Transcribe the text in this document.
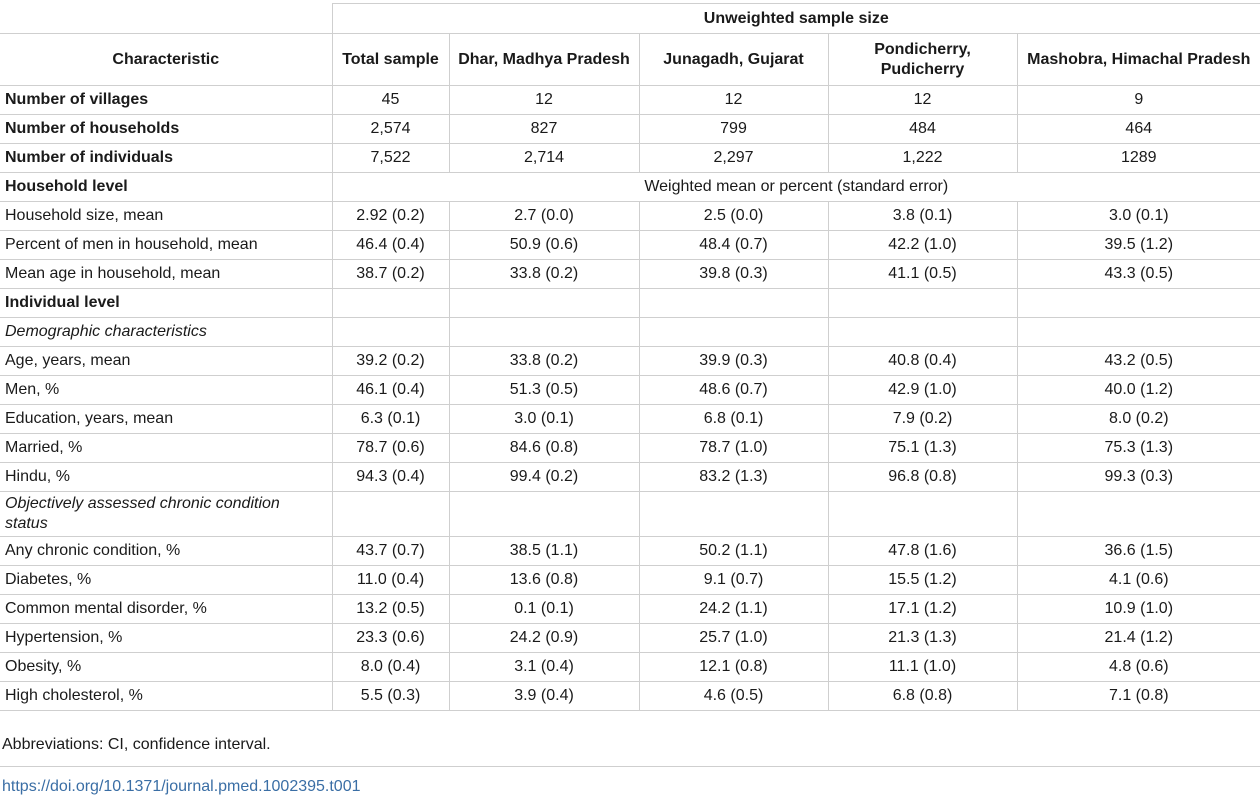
	Unweighted sample size				
Characteristic	Total sample	Dhar, Madhya Pradesh	Junagadh, Gujarat	Pondicherry, Pudicherry	Mashobra, Himachal Pradesh
Number of villages	45	12	12	12	9
Number of households	2,574	827	799	484	464
Number of individuals	7,522	2,714	2,297	1,222	1289
Household level	Weighted mean or percent (standard error)				
Household size, mean	2.92 (0.2)	2.7 (0.0)	2.5 (0.0)	3.8 (0.1)	3.0 (0.1)
Percent of men in household, mean	46.4 (0.4)	50.9 (0.6)	48.4 (0.7)	42.2 (1.0)	39.5 (1.2)
Mean age in household, mean	38.7 (0.2)	33.8 (0.2)	39.8 (0.3)	41.1 (0.5)	43.3 (0.5)
Individual level					
Demographic characteristics					
Age, years, mean	39.2 (0.2)	33.8 (0.2)	39.9 (0.3)	40.8 (0.4)	43.2 (0.5)
Men, %	46.1 (0.4)	51.3 (0.5)	48.6 (0.7)	42.9 (1.0)	40.0 (1.2)
Education, years, mean	6.3 (0.1)	3.0 (0.1)	6.8 (0.1)	7.9 (0.2)	8.0 (0.2)
Married, %	78.7 (0.6)	84.6 (0.8)	78.7 (1.0)	75.1 (1.3)	75.3 (1.3)
Hindu, %	94.3 (0.4)	99.4 (0.2)	83.2 (1.3)	96.8 (0.8)	99.3 (0.3)
Objectively assessed chronic condition status					
Any chronic condition, %	43.7 (0.7)	38.5 (1.1)	50.2 (1.1)	47.8 (1.6)	36.6 (1.5)
Diabetes, %	11.0 (0.4)	13.6 (0.8)	9.1 (0.7)	15.5 (1.2)	4.1 (0.6)
Common mental disorder, %	13.2 (0.5)	0.1 (0.1)	24.2 (1.1)	17.1 (1.2)	10.9 (1.0)
Hypertension, %	23.3 (0.6)	24.2 (0.9)	25.7 (1.0)	21.3 (1.3)	21.4 (1.2)
Obesity, %	8.0 (0.4)	3.1 (0.4)	12.1 (0.8)	11.1 (1.0)	4.8 (0.6)
High cholesterol, %	5.5 (0.3)	3.9 (0.4)	4.6 (0.5)	6.8 (0.8)	7.1 (0.8)
Abbreviations: CI, confidence interval.
https://doi.org/10.1371/journal.pmed.1002395.t001
